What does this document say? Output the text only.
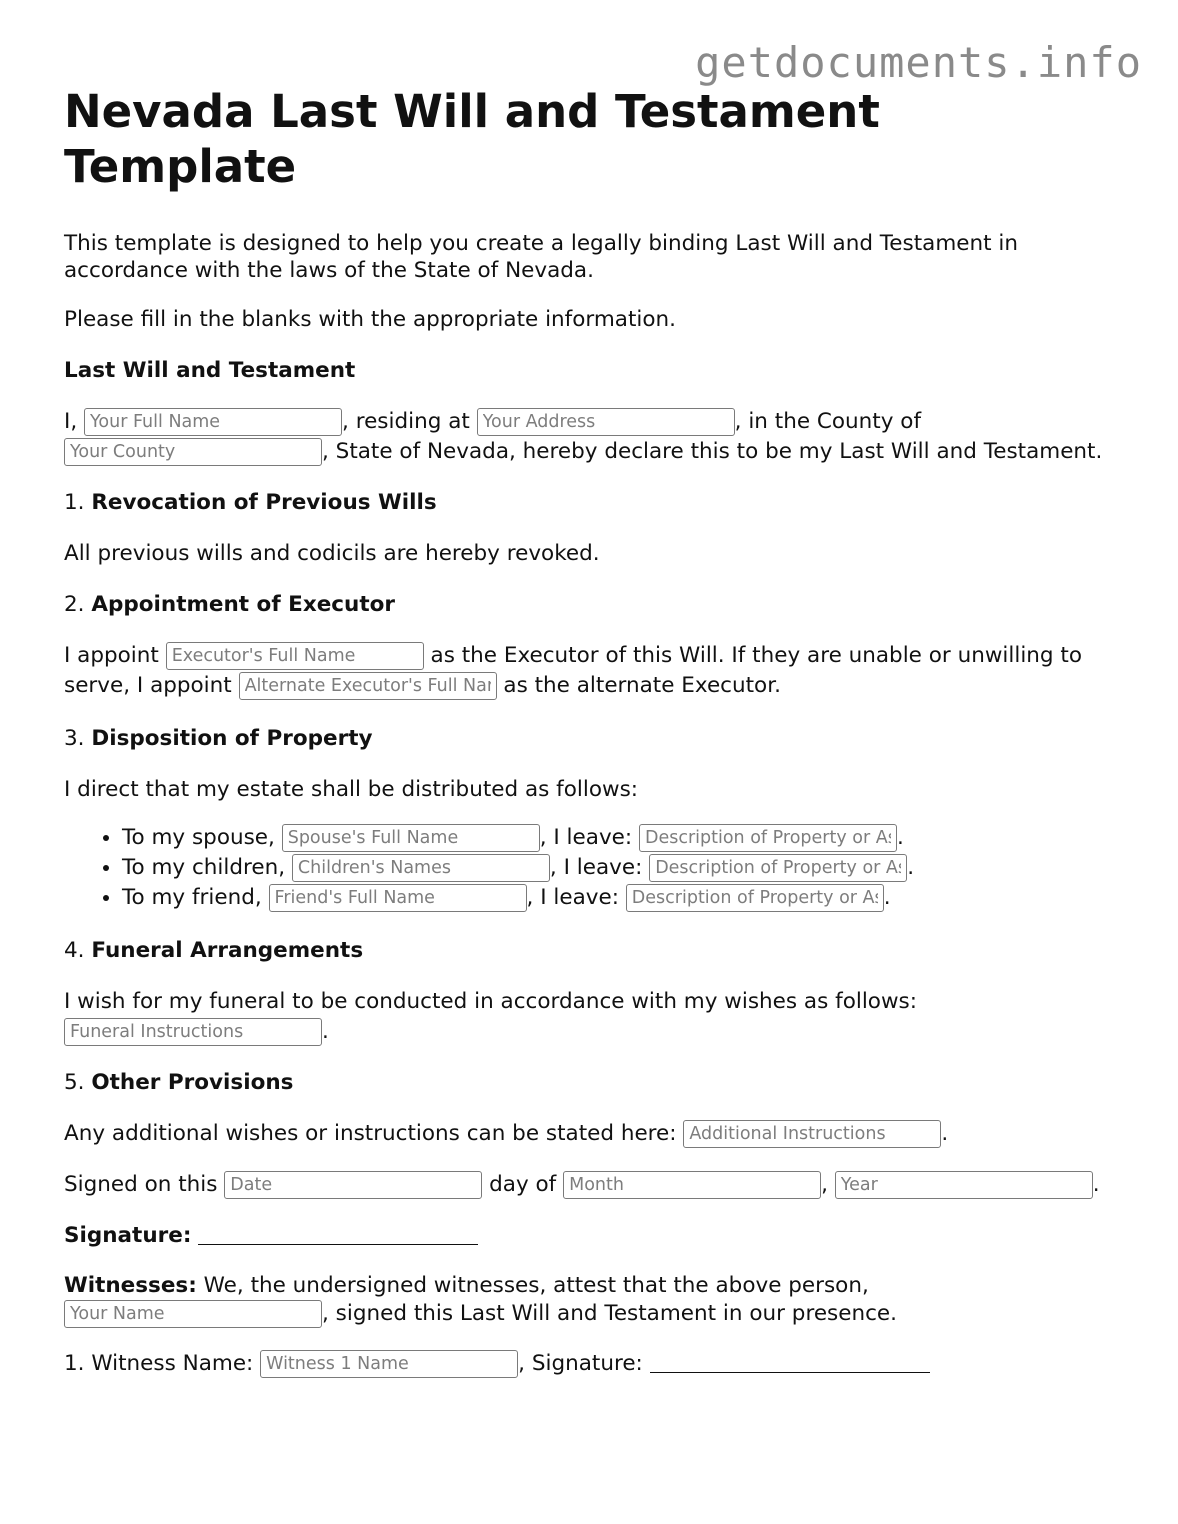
getdocuments.info
Nevada Last Will and Testament Template

This template is designed to help you create a legally binding Last Will and Testament in accordance with the laws of the State of Nevada.

Please fill in the blanks with the appropriate information.

Last Will and Testament

I, Your Full Name	, residing at Your Address	, in the County of Your County, State of Nevada, hereby declare this to be my Last Will and Testament.

1. Revocation of Previous Wills

All previous wills and codicils are hereby revoked.

2. Appointment of Executor

I appoint Executor's Full Name	as the Executor of this Will. If they are unable or unwilling to serve, I appoint Alternate Executor's Full Name	as the alternate Executor.

3. Disposition of Property

I direct that my estate shall be distributed as follows:

• To my spouse, Spouse's Full Name	, I leave: Description of Property or Assets	.
• To my children, Children's Names	, I leave: Description of Property or Assets	.
• To my friend, Friend's Full Name	, I leave: Description of Property or Assets	.

4. Funeral Arrangements

I wish for my funeral to be conducted in accordance with my wishes as follows: Funeral Instructions.

5. Other Provisions

Any additional wishes or instructions can be stated here: Additional Instructions	.

Signed on this Date	day of Month	, Year	.

Signature:

Witnesses: We, the undersigned witnesses, attest that the above person,
Your Name, signed this Last Will and Testament in our presence.

1. Witness Name: Witness 1 Name	, Signature:
